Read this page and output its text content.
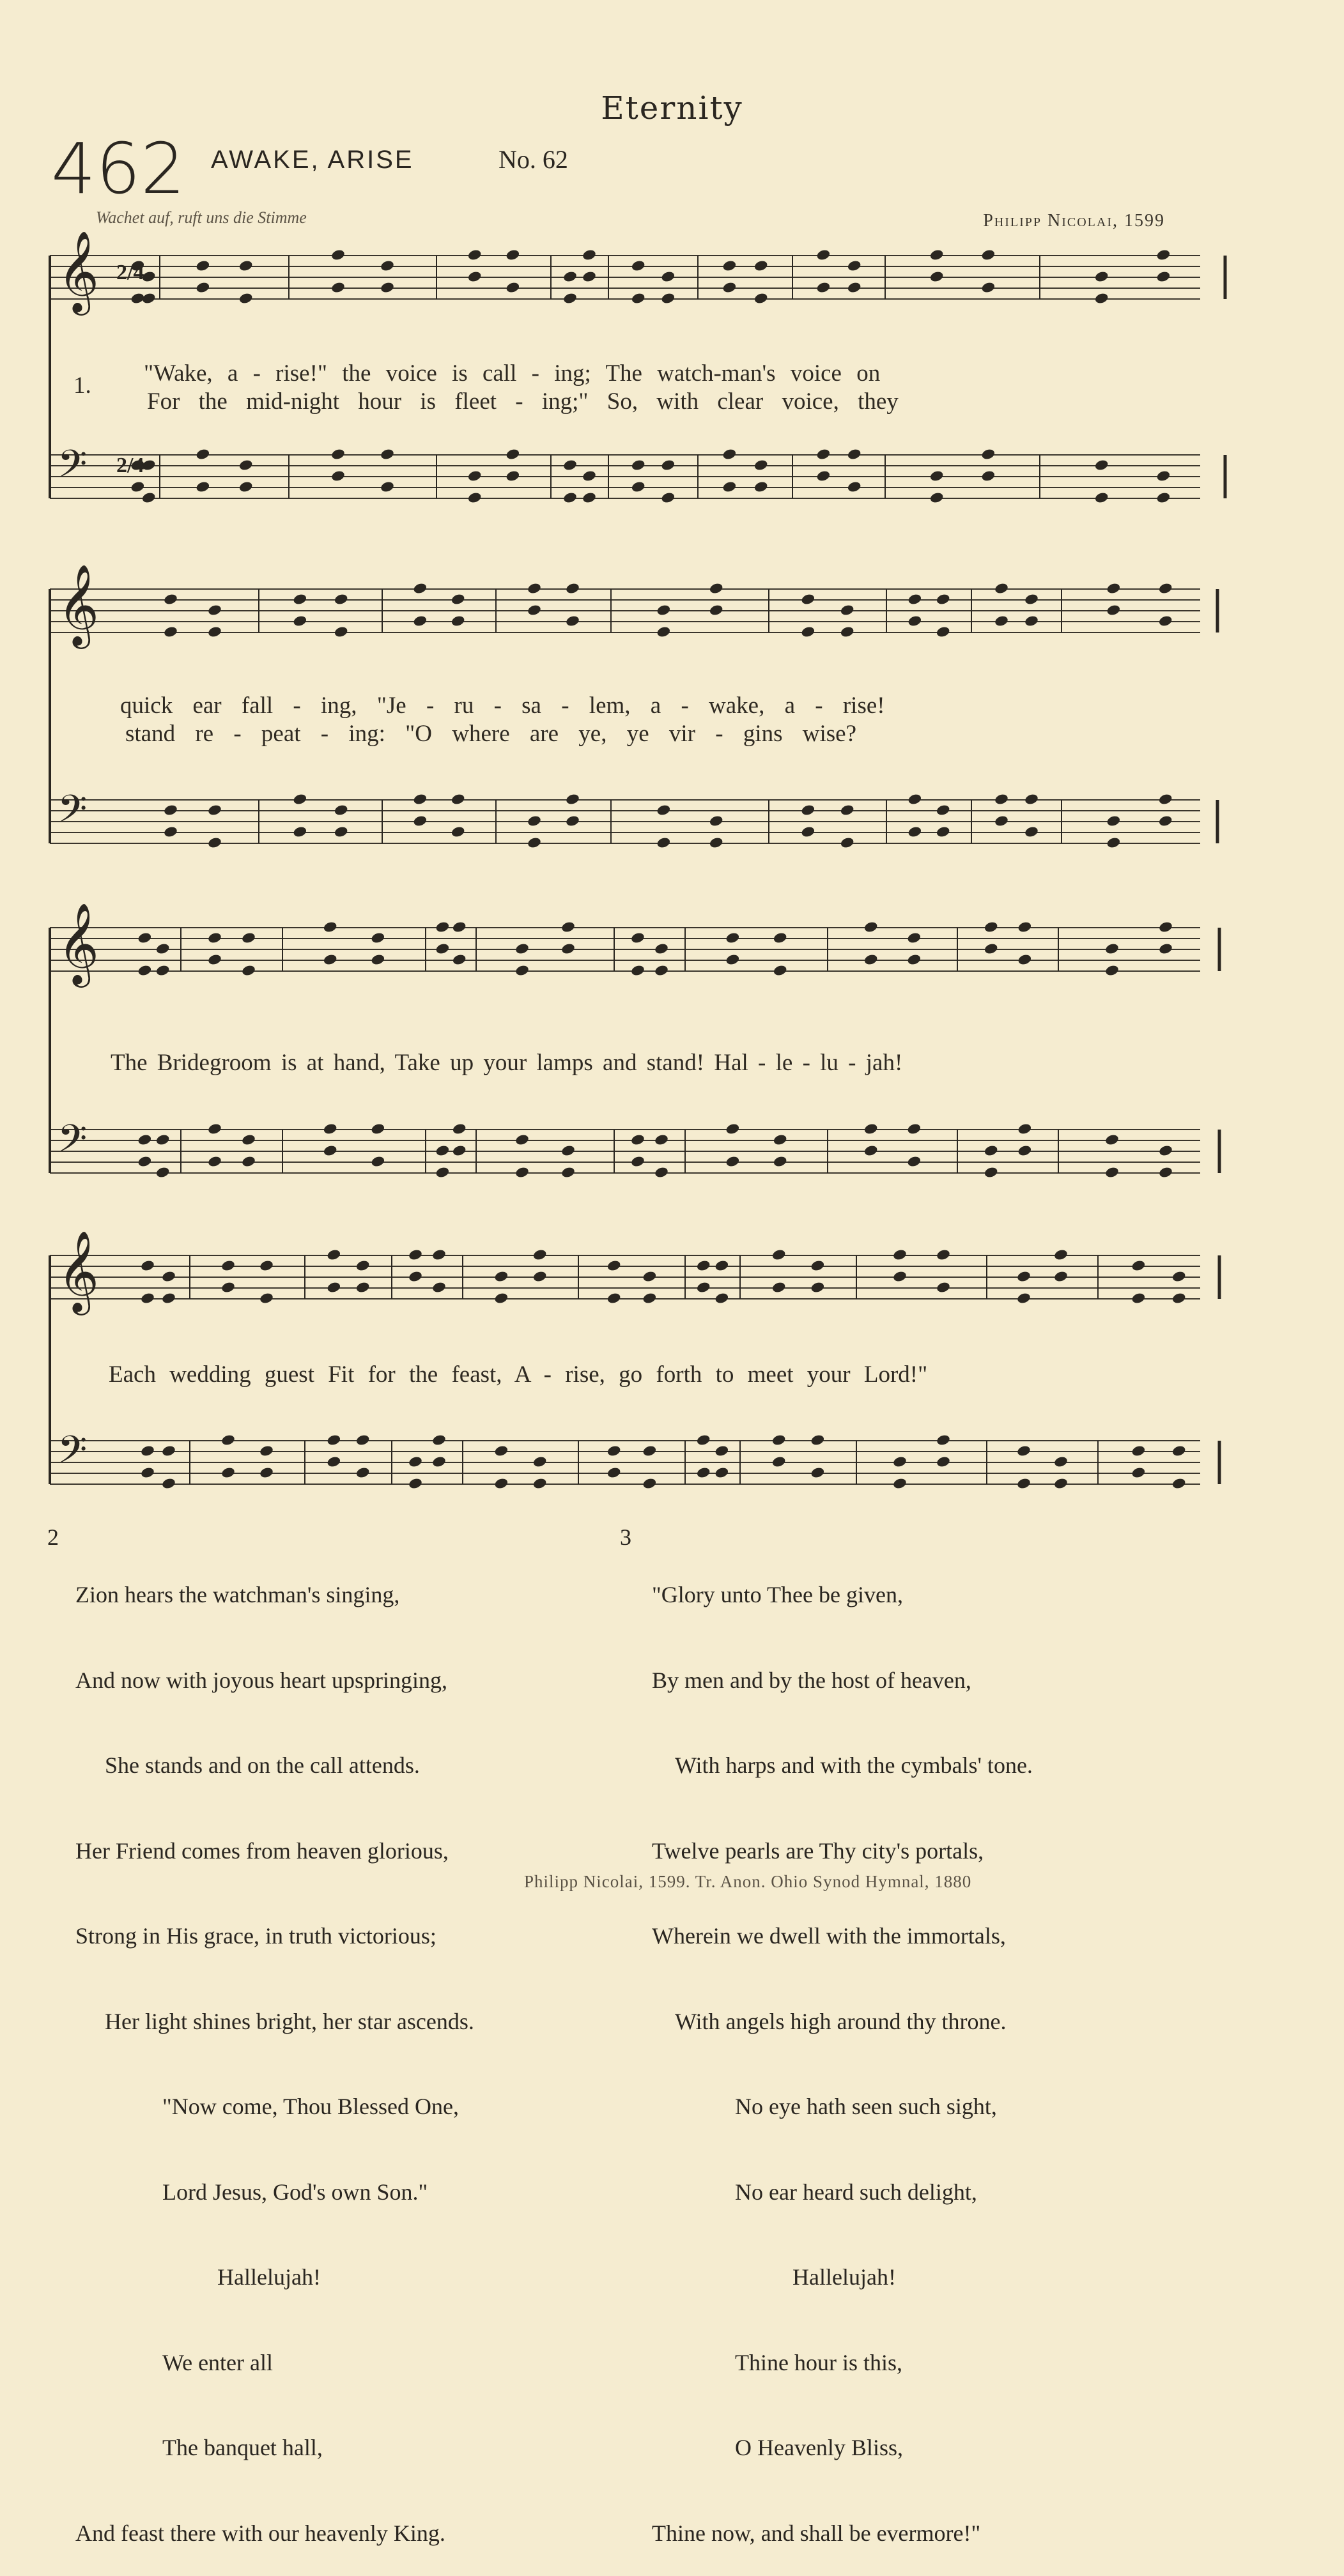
Eternity
462 AWAKE, ARISE	No. 62
Wachet auf, ruft uns die Stimme	Philipp Nicolai, 1599
𝄞
𝄢
𝄞
𝄢
𝄞
𝄢
𝄞
𝄢
2/4
2/4
1. "Wake, a - rise!" the voice is call - ing; The watch-man's voice on
For the mid-night hour is fleet - ing;" So, with clear voice, they
quick ear fall - ing, "Je - ru - sa - lem, a - wake, a - rise!
stand re - peat - ing: "O where are ye, ye vir - gins wise?
The Bridegroom is at hand, Take up your lamps and stand! Hal - le - lu - jah!
Each wedding guest Fit for the feast, A - rise, go forth to meet your Lord!"
2

Zion hears the watchman's singing,

And now with joyous heart upspringing,

She stands and on the call attends.

Her Friend comes from heaven glorious,

Strong in His grace, in truth victorious;

Her light shines bright, her star ascends.

"Now come, Thou Blessed One,

Lord Jesus, God's own Son."

Hallelujah!

We enter all

The banquet hall,

And feast there with our heavenly King.

3

"Glory unto Thee be given,

By men and by the host of heaven,

With harps and with the cymbals' tone.

Twelve pearls are Thy city's portals,

Wherein we dwell with the immortals,

With angels high around thy throne.

No eye hath seen such sight,

No ear heard such delight,

Hallelujah!

Thine hour is this,

O Heavenly Bliss,

Thine now, and shall be evermore!"

Philipp Nicolai, 1599. Tr. Anon. Ohio Synod Hymnal, 1880
